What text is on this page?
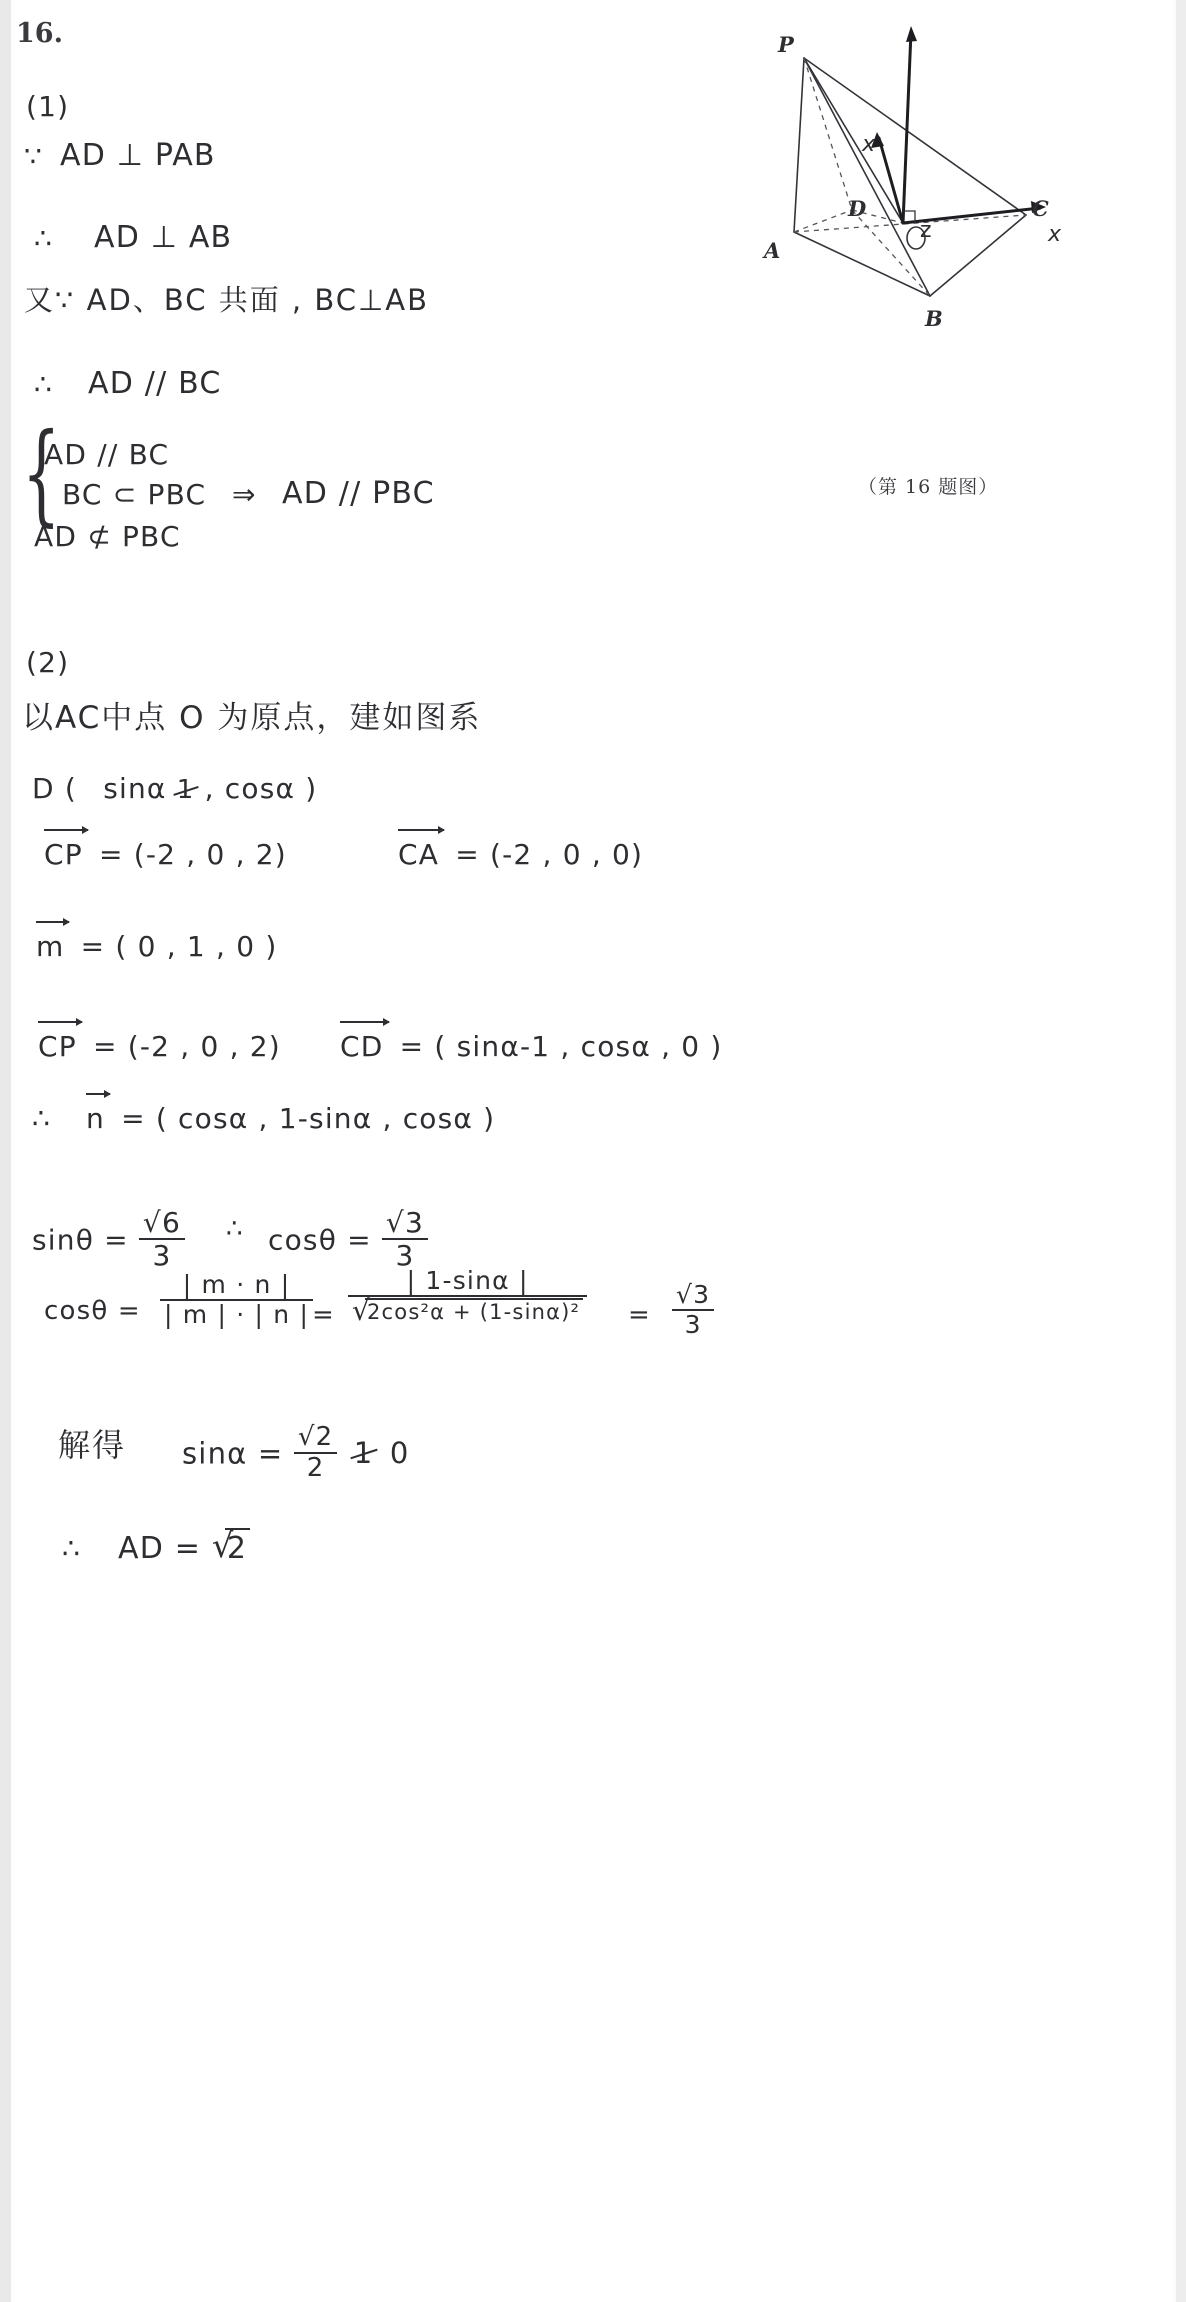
16.	P
A
B
C
D
z
x
x
（第 16 题图）
(1)
∵ AD ⊥ PAB
∴ AD ⊥ AB
又∵ AD、BC 共面 , BC⊥AB
∴ AD // BC
{
AD // BC
BC ⊂ PBC
AD ⊄ PBC
⇒ AD // PBC
(2)
以AC中点 O 为原点，建如图系
D ( sinα 1 , cosα )
CP = (-2 , 0 , 2)	CA = (-2 , 0 , 0)
m = ( 0 , 1 , 0 )
CP = (-2 , 0 , 2) CD = ( sinα-1 , cosα , 0 )
∴ n = ( cosα , 1-sinα , cosα )
$\sin\theta = \frac{√6}{3}$ ∴ $\cos\theta = \frac{√3}{3}$
$\cos\theta = \frac{| m \cdot n |}{| m | \cdot | n |}$
= | 1-sinα |
√ $2\cos^2\alpha + (1-\sin\alpha)^2 = \frac{√3}{3}$
解得 $\sin\alpha = \frac{√2}{2} 1$ 0
∴ AD = √ 2
